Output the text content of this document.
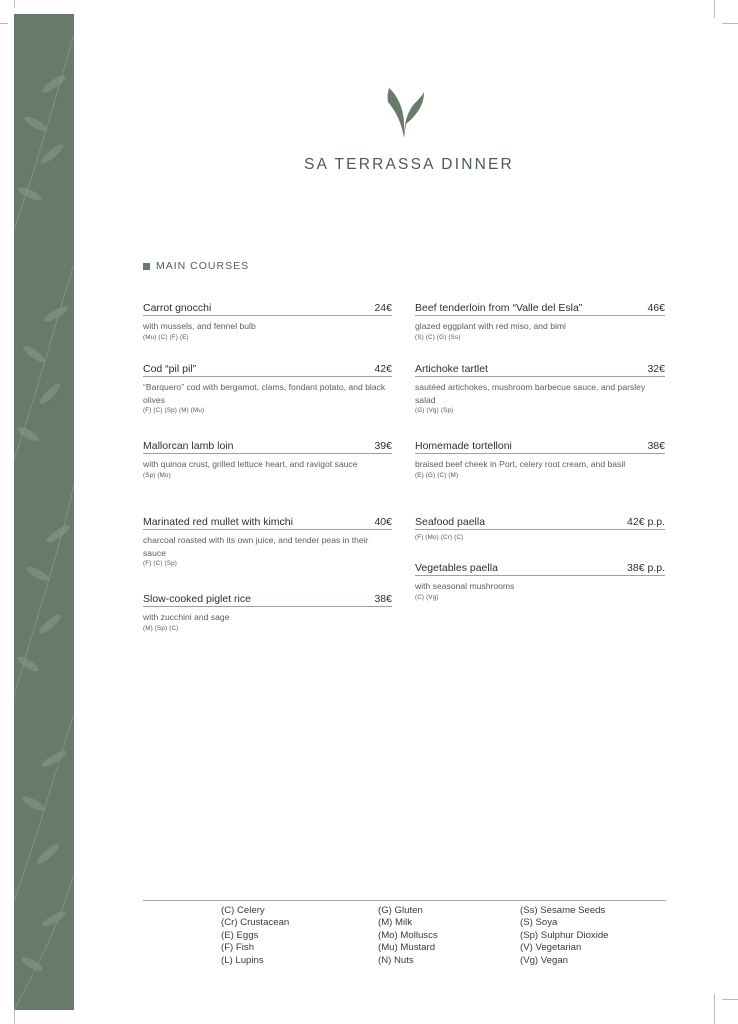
SA TERRASSA DINNER
MAIN COURSES
Carrot gnocchi	24€
with mussels, and fennel bulb
(Mu) (C) (F) (E)
Cod “pil pil”	42€
“Barquero” cod with bergamot, clams, fondant potato, and black olives
(F) (C) (Sp) (M) (Mu)
Mallorcan lamb loin	39€
with quinoa crust, grilled lettuce heart, and ravigot sauce
(Sp) (Mo)
Marinated red mullet with kimchi	40€
charcoal roasted with its own juice, and tender peas in their sauce
(F) (C) (Sp)
Slow-cooked piglet rice	38€
with zucchini and sage
(M) (Sp) (C)
Beef tenderloin from “Valle del Esla”	46€
glazed eggplant with red miso, and bimi
(S) (C) (G) (Ss)
Artichoke tartlet	32€
sautéed artichokes, mushroom barbecue sauce, and parsley salad
(G) (Vg) (Sp)
Homemade tortelloni	38€
braised beef cheek in Port, celery root cream, and basil
(E) (G) (C) (M)
Seafood paella	42€ p.p.
(F) (Mo) (Cr) (C)
Vegetables paella	38€ p.p.
with seasonal mushrooms
(C) (Vg)
(C) Celery
(Cr) Crustacean
(E) Eggs
(F) Fish
(L) Lupins
(G) Gluten
(M) Milk
(Mo) Molluscs
(Mu) Mustard
(N) Nuts
(Ss) Sesame Seeds
(S) Soya
(Sp) Sulphur Dioxide
(V) Vegetarian
(Vg) Vegan
